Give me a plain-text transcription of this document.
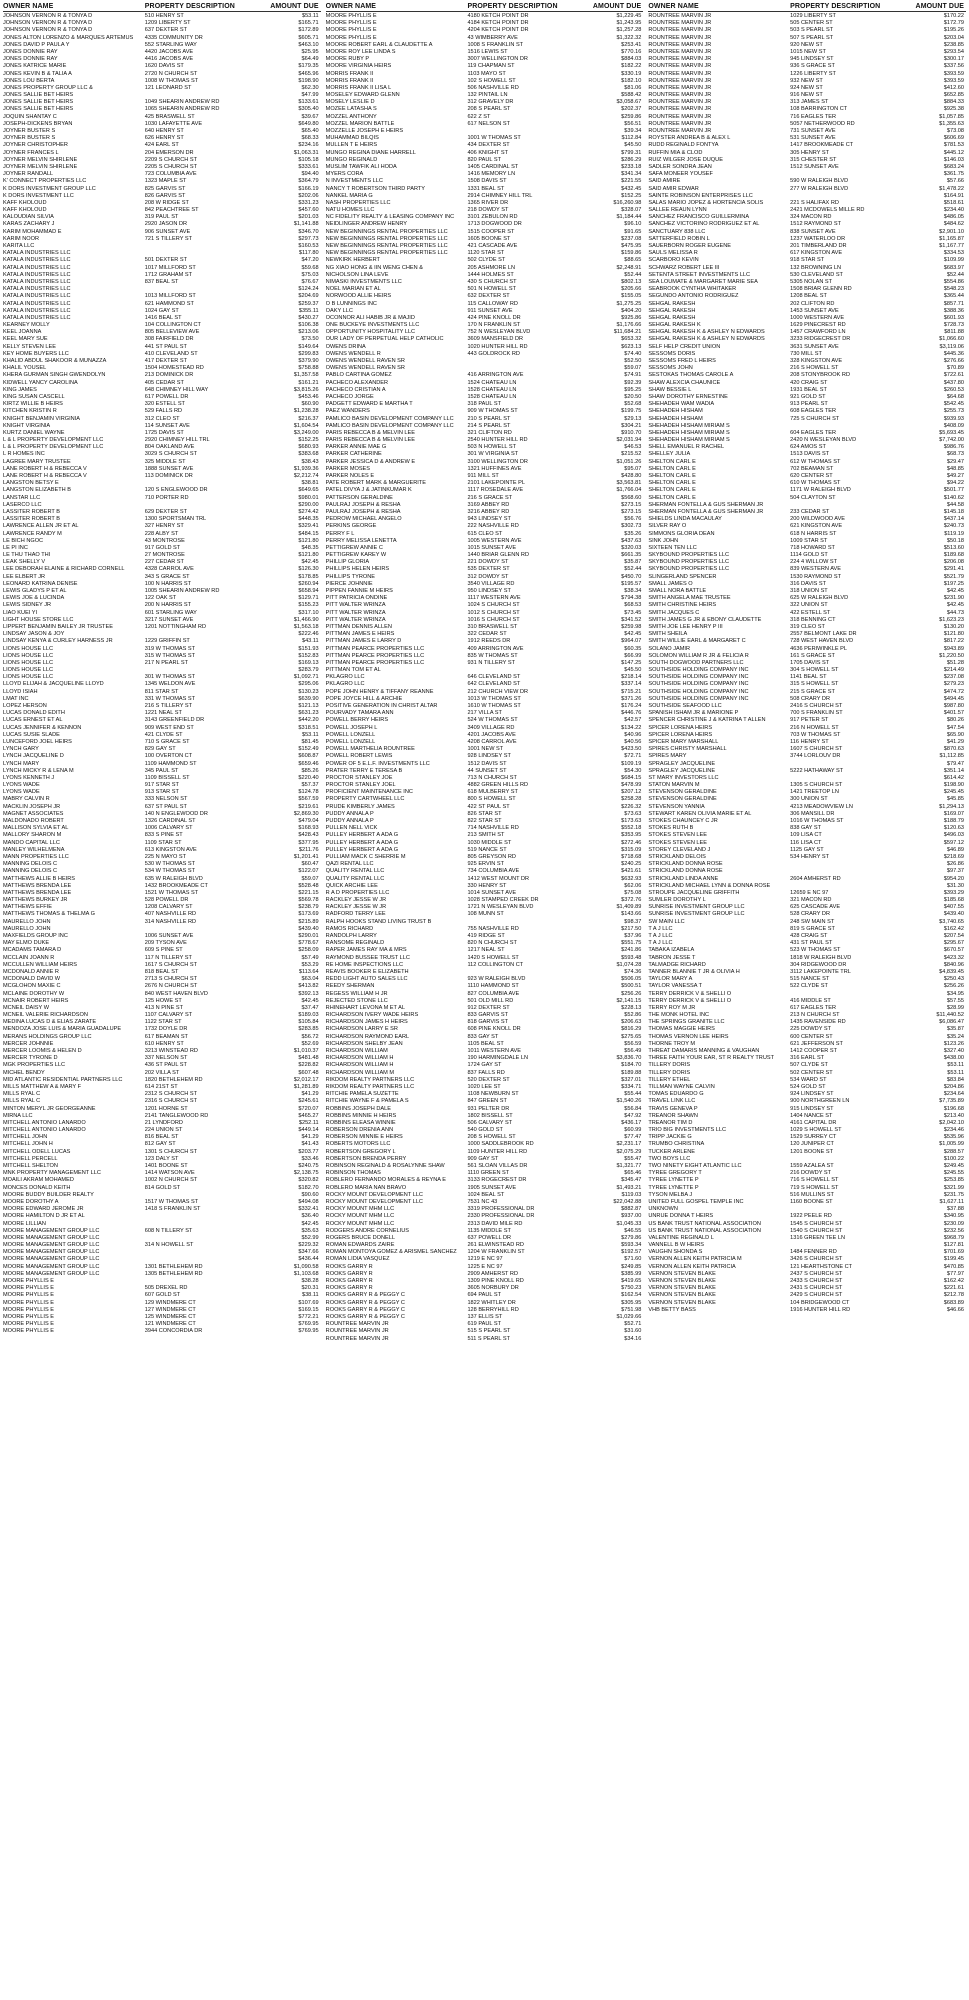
OWNER NAME	PROPERTY DESCRIPTION	AMOUNT DUE
JOHNSON VERNON R & TONYA D	510 HENRY ST	$53.11
JOHNSON VERNON R & TONYA D	1209 LIBERTY ST	$165.71
JOHNSON VERNON R & TONYA D	637 DEXTER ST	$172.89
JONES ALTON LORENZO & MARQUES ARTEMUS	4335 COMMUNITY DR	$605.71
JONES DAVID P PAULA Y	552 STARLING WAY	$463.10
JONES DONNIE RAY	4420 JACOBS AVE	$25.95
JONES DONNIE RAY	4416 JACOBS AVE	$64.49
JONES KATRICE MARIE	1620 DAVIS ST	$179.35
JONES KEVIN B & TALIA A	2720 N CHURCH ST	$465.96
JONES LOU BERTA	1008 W THOMAS ST	$198.90
JONES PROPERTY GROUP LLC &	121 LEONARD ST	$62.30
JONES SALLIE BET HEIRS	$47.99
JONES SALLIE BET HEIRS	1049 SHEARIN ANDREW RD	$133.61
JONES SALLIE BET HEIRS	1065 SHEARIN ANDREW RD	$305.40
JOQUIN SHANTAY C	425 BRASWELL ST	$39.67
JOSEPH-DICKENS BRYAN	1030 LAFAYETTE AVE	$649.80
JOYNER BUSTER S	640 HENRY ST	$65.40
JOYNER BUSTER S	626 HENRY ST	$68.33
JOYNER CHRISTOPHER	424 EARL ST	$234.16
JOYNER FRANCES L	204 EMERSON DR	$1,063.31
JOYNER MELVIN SHIRLENE	2209 S CHURCH ST	$105.18
JOYNER MELVIN SHIRLENE	2205 S CHURCH ST	$333.61
JOYNER RANDALL	723 COLUMBIA AVE	$94.40
K' CONNECT PROPERTIES LLC	1323 MAPLE ST	$364.79
K DORS INVESTMENT GROUP LLC	825 GARVIS ST	$166.19
K DORS INVESTMENT LLC	826 GARVIS ST	$202.06
KAFF KHOLOUD	208 W RIDGE ST	$331.23
KAFF KHOLOUD	842 PEACHTREE ST	$457.60
KALOUDIAN SILVIA	319 PAUL ST	$201.03
KARAS ZACHARY J	2920 JASON DR	$1,141.88
KARIM MOHAMMAD E	906 SUNSET AVE	$346.70
KARIM NOOR	721 S TILLERY ST	$297.73
KARITA LLC	$160.53
KATALA INDUSTRIES LLC	$117.80
KATALA INDUSTRIES LLC	501 DEXTER ST	$47.20
KATALA INDUSTRIES LLC	1017 MILLFORD ST	$59.68
KATALA INDUSTRIES LLC	1712 GRAHAM ST	$75.03
KATALA INDUSTRIES LLC	837 BEAL ST	$76.67
KATALA INDUSTRIES LLC	$124.24
KATALA INDUSTRIES LLC	1013 MILLFORD ST	$204.69
KATALA INDUSTRIES LLC	621 HAMMOND ST	$259.37
KATALA INDUSTRIES LLC	1024 GAY ST	$355.11
KATALA INDUSTRIES LLC	1416 BEAL ST	$430.27
KEARNEY MOLLY	104 COLLINGTON CT	$106.38
KEEL JOANNA	805 BELLEVIEW AVE	$213.06
KEEL MARY SUE	308 FAIRFIELD DR	$73.50
KELLY STEVEN LEE	441 ST PAUL ST	$149.64
KEY HOME BUYERS LLC	410 CLEVELAND ST	$299.83
KHALID ABDUL SHAKOOR & MUNAZZA	417 DEXTER ST	$379.90
KHALIL YOUSEL	1504 HOMESTEAD RD	$758.88
KHERA GURMAN SINGH GWENDOLYN	213 DOMINICK DR	$1,357.58
KIDWELL YANCY CAROLINA	405 CEDAR ST	$161.21
KING JAMES	648 CHIMNEY HILL WAY	$3,815.26
KING SUSAN CASCELL	617 POWELL DR	$453.46
KIRTZ WILLIE B HEIRS	320 ESTELL ST	$60.90
KITCHEN KRISTIN R	529 FALLS RD	$1,238.28
KNIGHT BENJAMIN VIRGINIA	312 CLEO ST	$216.37
KNIGHT VIRGINIA	114 SUNSET AVE	$1,604.54
KURTZ DANIEL WAYNE	1725 DAVIS ST	$3,249.00
L & L PROPERTY DEVELOPMENT LLC	2920 CHIMNEY HILL TRL	$152.25
L & L PROPERTY DEVELOPMENT LLC	804 OAKLAND AVE	$680.93
L R HOMES INC	3029 S CHURCH ST	$383.68
LAGREE MARY TRUSTEE	325 MIDDLE ST	$38.43
LANE ROBERT H & REBECCA V	1888 SUNSET AVE	$1,939.36
LANE ROBERT H & REBECCA V	113 DOMINICK DR	$2,212.74
LANGSTON BETSY E	$38.81
LANGSTON ELIZABETH B	120 S ENGLEWOOD DR	$649.65
LANSTAR LLC	710 PORTER RD	$980.01
LASERCO LLC	$290.00
LASSITER ROBERT B	629 DEXTER ST	$274.42
LASSITER ROBERT B	1300 SPORTSMAN TRL	$448.35
LAWRENCE ALLEN JR ET AL	327 HENRY ST	$329.41
LAWRENCE RANDY M	228 ALBY ST	$484.15
LE BICH NGOC	43 MONTROSE	$121.80
LE PI INC	917 GOLD ST	$48.35
LE THU THAO THI	27 MONTROSE	$121.80
LEAK SHELLY V	227 CEDAR ST	$42.45
LEE DEBORAH ELAINE & RICHARD CORNELL	4328 CARROL AVE	$126.30
LEE ELBERT JR	343 S GRACE ST	$178.85
LEONARD KATRINA DENISE	100 N HARRIS ST	$260.94
LEWIS GLADYS P ET AL	1005 SHEARIN ANDREW RD	$658.94
LEWIS JOE & LUCINDA	122 OAK ST	$129.71
LEWIS SIDNEY JR	200 N HARRIS ST	$155.23
LIAO KUEI YI	601 STARLING WAY	$317.10
LIGHT HOUSE STORE LLC	3217 SUNSET AVE	$1,466.90
LIPPERT BENJAMIN BAILEY JR TRUSTEE	1201 NOTTINGHAM RD	$1,563.18
LINDSAY JASON & JOY	$222.46
LINDSAY KENYA & CURLEY HARNESS JR	1229 GRIFFIN ST	$43.11
LIONS HOUSE LLC	319 W THOMAS ST	$151.93
LIONS HOUSE LLC	315 W THOMAS ST	$152.83
LIONS HOUSE LLC	217 N PEARL ST	$169.13
LIONS HOUSE LLC	$283.79
LIONS HOUSE LLC	301 W THOMAS ST	$1,092.71
LLOYD ELIJAH & JACQUELINE LLOYD	1345 WELDON AVE	$295.06
LLOYD ISIAH	811 STAR ST	$130.23
LMAT INC	331 W THOMAS ST	$639.90
LOPEZ HERSON	216 S TILLERY ST	$121.13
LUCAS DONALD EDITH	1221 NEAL ST	$631.23
LUCAS ERNEST ET AL	3143 GREENFIELD DR	$442.20
LUCAS JENNIFER & KENNON	909 WEST END ST	$318.51
LUCAS SUSIE SLADE	421 CLYDE ST	$53.11
LUNCEFORD JOEL HEIRS	710 S GRACE ST	$81.45
LYNCH GARY	829 GAY ST	$152.49
LYNCH JACQUELINE D	100 OVERTON CT	$608.87
LYNCH MARY	1109 HAMMOND ST	$659.46
LYNCH MICKY R & LENA M	345 PAUL ST	$85.26
LYONS KENNETH J	1109 BISSELL ST	$220.40
LYONS WADE	917 STAR ST	$57.37
LYONS WADE	913 STAR ST	$124.78
MABRY CALVIN R	333 NELSON ST	$567.59
MACKLIN JOSEPH JR	637 ST PAUL ST	$219.61
MAGNET ASSOCIATES	140 N ENGLEWOOD DR	$2,869.30
MALDONADO ROBERT	1326 CARDINAL ST	$479.04
MALLISON SYLVIA ET AL	1006 CALVARY ST	$168.93
MALLORY SHARON M	833 S PINE ST	$428.43
MANDO CAPITAL LLC	1109 STAR ST	$377.95
MANLEY WILHELMENA	613 KINGSTON AVE	$211.76
MANN PROPERTIES LLC	225 N MAYO ST	$1,201.41
MANNING DELOIS C	530 W THOMAS ST	$60.47
MANNING DELOIS C	534 W THOMAS ST	$122.07
MATTHEWS ALLIE B HEIRS	635 W RALEIGH BLVD	$59.07
MATTHEWS BRENDA LEE	1432 BROOKMEADE CT	$528.48
MATTHEWS BRENDA LEE	1521 W THOMAS ST	$221.15
MATTHEWS BURKEY JR	528 POWELL DR	$569.78
MATTHEWS EFFIE	1208 CALVARY ST	$238.79
MATTHEWS THOMAS & THELMA G	407 NASHVILLE RD	$173.69
MAURELLO JOHN	314 NASHVILLE RD	$215.89
MAURELLO JOHN	$439.40
MAXFIELDS GROUP INC	1006 SUNSET AVE	$290.01
MAY ELMO DUKE	209 TYSON AVE	$778.67
MCADAMS TAMARA D	609 S PINE ST	$258.09
MCCLAIN JOANN R	117 N TILLERY ST	$57.49
MCCULLEN WILLIAM HEIRS	1617 S CHURCH ST	$53.29
MCDONALD ANNIE R	818 BEAL ST	$113.64
MCDONALD DAVID W	2713 S CHURCH ST	$63.04
MCGLOHON MAXIE C	2676 N CHURCH ST	$413.82
MCLAINE DOROTHY W	840 WEST HAVEN BLVD	$392.13
MCNAIR ROBERT HEIRS	125 HOWE ST	$42.45
MCNEIL DAISY W	413 N PINE ST	$37.47
MCNEIL VALERIE RICHARDSON	1107 CALVARY ST	$189.03
MEDINA LUCAS D & ELIAS ZARATE	1122 STAR ST	$105.84
MENDOZA JOSE LUIS & MARIA GUADALUPE	1732 DOYLE DR	$283.85
MERANS HOLDINGS GROUP LLC	617 BEAMAN ST	$56.72
MERCER JOHNNIE	610 HENRY ST	$52.69
MERCER LOOMIS & HELEN D	3213 WINSTEAD RD	$1,010.37
MERCER TYRONE D	337 NELSON ST	$481.48
MGK PROPERTIES LLC	436 ST PAUL ST	$228.82
MICHEL BENDY	202 VILLA ST	$607.48
MID ATLANTIC RESIDENTIAL PARTNERS LLC	1820 BETHLEHEM RD	$2,012.17
MILLS MATTHEW A & MARY F	614 21ST ST	$1,281.89
MILLS RYAL C	2312 S CHURCH ST	$41.29
MILLS RYAL C	2316 S CHURCH ST	$245.61
MINTON MERYL JR GEORGEANNE	1201 HORNE ST	$720.07
MIRNA LLC	2141 TANGLEWOOD RD	$465.27
MITCHELL ANTONIO LANARDO	21 LYNDFORD	$252.11
MITCHELL ANTONIO LANARDO	224 UNION ST	$449.14
MITCHELL JOHN	816 BEAL ST	$41.29
MITCHELL JOHN H	812 GAY ST	$41.43
MITCHELL ODELL LUCAS	1301 S CHURCH ST	$203.77
MITCHELL PERCELL	123 DALY ST	$33.46
MITCHELL SHELTON	1401 BOONE ST	$240.75
MNK PROPERTY MANAGEMENT LLC	1414 WATSON AVE	$2,138.75
MOAILI AKRAM MOHAMED	1002 N CHURCH ST	$320.82
MONCES DONALD KEITH	814 GOLD ST	$182.70
MOORE BUDDY BUILDER REALTY	$90.60
MOORE DOROTHY A	1517 W THOMAS ST	$494.08
MOORE EDWARD JEROME JR	1418 S FRANKLIN ST	$332.41
MOORE HAMILTON D JR ET AL	$36.40
MOORE LILLIAN	$42.45
MOORE MANAGEMENT GROUP LLC	608 N TILLERY ST	$35.63
MOORE MANAGEMENT GROUP LLC	$52.99
MOORE MANAGEMENT GROUP LLC	314 N HOWELL ST	$229.32
MOORE MANAGEMENT GROUP LLC	$347.66
MOORE MANAGEMENT GROUP LLC	$436.44
MOORE MANAGEMENT GROUP LLC	1301 BETHLEHEM RD	$1,090.58
MOORE MANAGEMENT GROUP LLC	1305 BETHLEHEM RD	$1,103.68
MOORE PHYLLIS E	$38.28
MOORE PHYLLIS E	505 DREXEL RD	$20.31
MOORE PHYLLIS E	607 GOLD ST	$38.11
MOORE PHYLLIS E	129 WINDMERE CT	$107.69
MOORE PHYLLIS E	127 WINDMERE CT	$169.15
MOORE PHYLLIS E	125 WINDMERE CT	$772.21
MOORE PHYLLIS E	121 WINDMERE CT	$769.95
MOORE PHYLLIS E	3944 CONCORDIA DR	$769.95
OWNER NAME	PROPERTY DESCRIPTION	AMOUNT DUE
MOORE PHYLLIS E	4180 KETCH POINT DR	$1,229.45
MOORE PHYLLIS E	4184 KETCH POINT DR	$1,243.95
MOORE PHYLLIS E	4204 KETCH POINT DR	$1,257.28
MOORE PHYLLIS E	43 WIMBERRY AVE	$1,322.32
MOORE ROBERT EARL & CLAUDETTE A	1008 S FRANKLIN ST	$253.41
MOORE ROY LEE LINDA S	1516 LEWIS ST	$770.16
MOORE RUBY P	3007 WELLINGTON DR	$884.03
MOORE VIRGINIA HEIRS	119 CHAPMAN ST	$182.22
MORRIS FRANK II	1103 MAYO ST	$330.19
MORRIS FRANK II	102 S HOWELL ST	$182.10
MORRIS FRANK II LISA L	506 NASHVILLE RD	$81.06
MOSELEY EDWARD GLENN	132 PINTAIL LN	$588.42
MOSELY LESLIE D	312 GRAVELY DR	$3,058.67
MOZEE LATASHA S	208 S PEARL ST	$202.37
MOZZEL ANTHONY	622 Z ST	$259.86
MOZZEL MARION BATTLE	617 NELSON ST	$56.51
MOZZELLE JOSEPH E HEIRS	$39.34
MUHAMMAD BILQIS	1001 W THOMAS ST	$112.84
MULLEN T E HEIRS	434 DEXTER ST	$45.50
MUNGO REGINA DIANE HARRELL	406 KNIGHT ST	$799.31
MUNGO REGINALD	820 PAUL ST	$286.29
MUSLIM TAWFIK ALI HODA	1405 CARDINAL ST	$233.18
MYERS CORA	1416 MEMORY LN	$341.34
N INVESTMENTS LLC	1508 DAVIS ST	$221.55
NANCY T ROBERTSON THIRD PARTY	1331 BEAL ST	$432.45
NANKEL MARIA G	2914 CHIMNEY HILL TRL	$152.25
NASH PROPERTIES LLC	1365 RIVER DR	$16,260.98
NATU HOMES LLC	218 DOWDY ST	$328.07
NC FIDELITY REALTY & LEASING COMPANY INC	3101 ZEBULON RD	$1,184.44
NEIDLINGER ANDREW HENRY	1713 DOGWOOD DR	$96.10
NEW BEGINNINGS RENTAL PROPERTIES LLC	1515 COOPER ST	$91.65
NEW BEGINNINGS RENTAL PROPERTIES LLC	1605 BOONE ST	$237.08
NEW BEGINNINGS RENTAL PROPERTIES LLC	421 CASCADE AVE	$475.95
NEW BEGINNINGS RENTAL PROPERTIES LLC	1120 STAR ST	$159.86
NEWKIRK HERBERT	502 CLYDE ST	$88.65
NG XIAO HONG & IIN WENG CHEN &	205 ASHMORE LN	$2,248.91
NICHOLSON LINA LEVE	1444 HOLMES ST	$52.44
NIMASKI INVESTMENTS LLC	430 S CHURCH ST	$802.13
NOEL MARIAN ET AL	501 N HOWELL ST	$205.66
NORWOOD ALLIE HEIRS	632 DEXTER ST	$155.05
O B LUNNINGS INC	115 CALLOWAY RD	$1,275.25
OAKY LLC	911 SUNSET AVE	$404.20
OCONNOR ALI HABIB JR & MAJID	424 PINE KNOLL DR	$925.86
ONE BUCKEYE INVESTMENTS LLC	170 N FRANKLIN ST	$1,176.66
OPPORTUNITY HOSPITALITY LLC	752 N WESLEYAN BLVD	$11,684.21
OUR LADY OF PERPETUAL HELP CATHOLIC	3609 MANSFIELD DR	$653.32
OWENS DRINA	1020 HUNTER HILL RD	$623.13
OWENS WENDELL R	443 GOLDROCK RD	$74.40
OWENS WENDELL RAVEN SR	$52.50
OWENS WENDELL RAVEN SR	$59.07
PABLO CARTINA GOMEZ	416 ARRINGTON AVE	$74.91
PACHECO ALEXANDER	1524 CHATEAU LN	$92.39
PACHECO CRISTIAN A	1528 CHATEAU LN	$95.25
PACHECO JORGE	1528 CHATEAU LN	$20.50
PADGETT EDWARD E MARTHA T	318 PAUL ST	$52.68
PAEZ WANDERS	909 W THOMAS ST	$199.75
PAMLICO BASIN DEVELOPMENT COMPANY LLC	210 S PEARL ST	$29.13
PAMLICO BASIN DEVELOPMENT COMPANY LLC	214 S PEARL ST	$304.21
PARIS REBECCA B & MELVIN LEE	321 CLIFTON RD	$910.70
PARIS REBECCA B & MELVIN LEE	2540 HUNTER HILL RD	$2,031.94
PARKER ANNIE MAE G	503 N HOWELL ST	$46.53
PARKER CATHERINE	301 W VIRGINIA ST	$215.52
PARKER JESSICA D & ANDREW E	3100 WELLINGTON DR	$1,051.26
PARKER MOSES	1321 HUFFINES AVE	$95.07
PARKER NOLES E	911 MILL ST	$428.80
PATE ROBERT MARK & MARGUERITE	2101 LAKEPOINTE PL	$3,563.81
PATEL DIVYA J & JATINKUMAR K	1117 ROSEDALE AVE	$1,766.04
PATTERSON GERALDINE	216 S GRACE ST	$568.60
PAULRAJ JOSEPH & RESHA	3169 ABBEY RD	$273.15
PAULRAJ JOSEPH & RESHA	3216 ABBEY RD	$273.15
PEDROW MICHAEL ANGELO	943 LINDSEY ST	$56.76
PERKINS GEORGE	222 NASHVILLE RD	$302.73
PERRY F L	615 CLEO ST	$35.26
PERRY MELISSA LENETTA	1005 WESTERN AVE	$437.63
PETTIGREW ANNIE C	1015 SUNSET AVE	$320.03
PETTIGREW KAREY W	1440 BRIAR GLENN RD	$661.35
PHILLIP GLORIA	221 DOWDY ST	$35.87
PHILLIPS HELEN HEIRS	535 DEXTER ST	$52.44
PHILLIPS TYRONE	312 DOWDY ST	$450.70
PIERCE JOHNNIE	3540 VILLAGE RD	$195.57
PIPPEN FANNIE M HEIRS	950 LINDSEY ST	$38.34
PITT PATRICIA ONDINE	1117 WESTERN AVE	$794.38
PITT WALTER WRINZA	1024 S CHURCH ST	$68.53
PITT WALTER WRINZA	1012 S CHURCH ST	$73.45
PITT WALTER WRINZA	1016 S CHURCH ST	$341.52
PITTMAN DENNIS ALLEN	310 BRASWELL ST	$259.98
PITTMAN JAMES E HEIRS	322 CEDAR ST	$42.45
PITTMAN JAMES E LARRY D	1912 REEDS DR	$964.07
PITTMAN PEARCE PROPERTIES LLC	409 ARRINGTON AVE	$60.35
PITTMAN PEARCE PROPERTIES LLC	835 W THOMAS ST	$66.99
PITTMAN PEARCE PROPERTIES LLC	931 N TILLERY ST	$147.25
PITTMAN TOM ET AL	$45.50
PKLAGRO LLC	646 CLEVELAND ST	$218.14
PKLAGRO LLC	642 CLEVELAND ST	$337.14
POPE JOHN HENRY & TIFFANY REANNE	212 CHURCH VIEW DR	$715.21
POPE JOYCE HILL & ARCHIE	1013 W THOMAS ST	$371.26
POSITIVE GENERATION IN CHRIST ALTAR	1610 W THOMAS ST	$176.24
POURVADY TAMARA ANN	217 VILLA ST	$446.76
POWELL BERRY HEIRS	524 W THOMAS ST	$42.57
POWELL JOSEPH L	3409 VILLAGE RD	$134.22
POWELL LONZELL	4201 JACOBS AVE	$40.96
POWELL LONZELL	4208 CARROL AVE	$40.56
POWELL MARTHELIA ROUNTREE	1001 NEW ST	$423.50
POWELL ROBERT LEWIS	928 LINDSEY ST	$72.71
POWER OF 5 E.L.F. INVESTMENTS LLC	1512 DAVIS ST	$109.19
PRATER TERRY E TERESA B	44 SUNSET ST	$54.30
PROCTOR STANLEY JOE	713 N CHURCH ST	$684.15
PROCTOR STANLEY JOEL	4882 GREEN HILLS RD	$478.99
PROFICIENT MAINTENANCE INC	618 MULBERRY ST	$207.12
PROPERTY CARTWHEEL LLC	800 S HOWELL ST	$258.28
PRUDE KIMBERLY JAMES	422 ST PAUL ST	$226.32
PUDDY ANNALA P	826 STAR ST	$73.63
PUDDY ANNALA P	822 STAR ST	$173.63
PULLEN NELL VICK	714 NASHVILLE RD	$552.18
PULLEY HERBERT A ADA G	213 SMITH ST	$353.95
PULLEY HERBERT A ADA G	1030 MIDDLE ST	$272.46
PULLEY HERBERT A ADA G	519 NANCE ST	$315.09
PULLIAM MACK C SHERRIE M	805 GREYSON RD	$718.68
QAZI RENTAL LLC	925 ERVIN ST	$240.25
QUALITY RENTAL LLC	734 COLUMBIA AVE	$421.61
QUALITY RENTAL LLC	1412 WEST MOUNT DR	$632.93
QUICK ARCHIE LEE	330 HENRY ST	$62.06
R A D PROPERTIES LLC	1014 SUNSET AVE	$75.08
RACKLEY JESSE W JR	1028 STAMPED CREEK DR	$372.76
RACKLEY JESSE W JR	1721 N WESLEYAN BLVD	$1,409.89
RADFORD TERRY LEE	108 MUNN ST	$143.66
RALPH HOOKS STAND LIVING TRUST B	$98.37
RAMOS RICHARD	755 NASHVILLE RD	$217.50
RANDOLPH LARRY	419 RIDGE ST	$37.96
RANSOME REGINALD	820 N CHURCH ST	$551.75
RAPER JAMES RAY MA & MRS	1217 NEAL ST	$241.86
RAYMOND BUSSEE TRUST LLC	1420 S HOWELL ST	$593.48
RE HOME INSPECTIONS LLC	112 COLLINGTON CT	$1,074.28
REAVIS BOOKER E ELIZABETH	$74.36
REDD LIGHT AUTO SALES LLC	923 W RALEIGH BLVD	$506.05
REEDY SHERMAN	1110 HAMMOND ST	$500.51
REGESS WILLIAM H JR	827 COLUMBIA AVE	$256.26
REJECTED STONE LLC	501 OLD MILL RD	$2,141.15
RHINEHART LEVONA M ET AL	912 DEXTER ST	$228.13
RICHARDSON IVERY WADE HEIRS	833 GARVIS ST	$52.86
RICHARDSON JAMES H HEIRS	818 GARVIS ST	$206.63
RICHARDSON LARRY E SR	608 PINE KNOLL DR	$816.29
RICHARDSON RAYMOND EARL	833 GAY ST	$275.65
RICHARDSON SHELBY JEAN	1105 BEAL ST	$56.59
RICHARDSON WILLIAM	1011 WESTERN AVE	$56.49
RICHARDSON WILLIAM H	190 HARMINGDALE LN	$3,836.70
RICHARDSON WILLIAM H	1724 GAY ST	$184.70
RICHARDSON WILLIAM M	837 FALLS RD	$189.88
RIKDOM REALTY PARTNERS LLC	520 DEXTER ST	$327.01
RIKDOM REALTY PARTNERS LLC	1020 LEE ST	$334.71
RITCHIE PAMELA SUZETTE	1108 NEWBURN ST	$55.44
RITCHIE WAYNE F & PAMELA S	847 GREEN ST	$1,540.26
ROBBINS JOSEPH DALE	931 PELTER DR	$56.84
ROBBINS MINNIE H HEIRS	1802 BISSELL ST	$47.92
ROBBINS ELEASA WINNIE	506 CALVARY ST	$436.17
ROBERSON DRENIA ANN	540 GOLD ST	$60.99
ROBERSON MINNIE E HEIRS	208 S HOWELL ST	$77.47
ROBERTS MOTORS LLC	1000 SADDLEBROOK RD	$2,231.17
ROBERTSON GREGORY L	1109 HUNTER HILL RD	$2,075.29
ROBERTSON BRENDA PERRY	909 GAY ST	$55.47
ROBINSON REGINALD & ROSALYNNE SHAW	561 SLOAN VILLAS DR	$1,321.77
ROBINSON THOMAS	1110 GREEN ST	$65.46
ROBLERO FERNANDO MORALES & REYNA E	3133 ROGECREST DR	$345.47
ROBLERO MARIA NAN BRAVO	1905 SUNSET AVE	$1,493.21
ROCKY MOUNT DEVELOPMENT LLC	1024 BEAL ST	$119.03
ROCKY MOUNT DEVELOPMENT LLC	7531 NC 43	$22,042.88
ROCKY MOUNT MHM LLC	3319 PROFESSIONAL DR	$882.87
ROCKY MOUNT MHM LLC	2330 PROFESSIONAL DR	$937.00
ROCKY MOUNT MHM LLC	2313 DAVID MILE RD	$1,045.33
RODGERS ANDRE CORNELIUS	1135 MIDDLE ST	$46.55
ROGERS BRUCE DONELL	637 POWELL DR	$279.86
ROMAN EDWARDS ZAIRE	261 ELWINSTEAD RD	$593.34
ROMAN MONTOYA GOMEZ & ARISMEL SANCHEZ	1204 W FRANKLIN ST	$192.57
ROMAN LIDIA VASQUEZ	1219 E NC 97	$71.60
ROOKS GARRY R	1225 E NC 97	$249.85
ROOKS GARRY R	2909 AMHERST RD	$385.99
ROOKS GARRY R	1309 PINE KNOLL RD	$419.65
ROOKS GARRY R	3605 NORBURY DR	$750.23
ROOKS GARRY R & PEGGY C	694 PAUL ST	$162.54
ROOKS GARRY R & PEGGY C	1822 WHITLEY DR	$305.95
ROOKS GARRY R & PEGGY C	128 BERRYHILL RD	$751.98
ROOKS GARRY R & PEGGY C	137 ELLIS ST	$1,029.66
ROUNTREE MARVIN JR	619 PAUL ST	$52.71
ROUNTREE MARVIN JR	515 S PEARL ST	$31.60
ROUNTREE MARVIN JR	511 S PEARL ST	$34.16
OWNER NAME	PROPERTY DESCRIPTION	AMOUNT DUE
ROUNTREE MARVIN JR	1029 LIBERTY ST	$170.22
ROUNTREE MARVIN JR	505 CENTER ST	$172.79
ROUNTREE MARVIN JR	503 S PEARL ST	$195.26
ROUNTREE MARVIN JR	507 S PEARL ST	$203.04
ROUNTREE MARVIN JR	920 NEW ST	$238.85
ROUNTREE MARVIN JR	1015 NEW ST	$293.54
ROUNTREE MARVIN JR	945 LINDSEY ST	$300.17
ROUNTREE MARVIN JR	936 S GRACE ST	$337.56
ROUNTREE MARVIN JR	1226 LIBERTY ST	$393.59
ROUNTREE MARVIN JR	932 NEW ST	$393.59
ROUNTREE MARVIN JR	924 NEW ST	$412.60
ROUNTREE MARVIN JR	916 NEW ST	$652.85
ROUNTREE MARVIN JR	313 JAMES ST	$884.33
ROUNTREE MARVIN JR	108 BARRINGTON CT	$925.38
ROUNTREE MARVIN JR	716 EAGLES TER	$1,057.85
ROUNTREE MARVIN JR	5057 NETHERWOOD RD	$1,355.63
ROUNTREE MARVIN JR	731 SUNSET AVE	$73.08
ROYSTER ANDREA B & ALEX L	531 SUNSET AVE	$606.69
RUDD REGINALD FONTYA	1417 BROOKMEADE CT	$781.53
RUFFIN MIA & CLOD	305 HENRY ST	$445.12
RUIZ WILGER JOSE DUQUE	315 CHESTER ST	$146.03
SADLER SONDRA JEAN	1512 SUNSET AVE	$683.24
SAFA MONEER YOUSEF	$361.75
SAID AMIRE	590 W RALEIGH BLVD	$57.66
SAID AMIR EDWAR	277 W RALEIGH BLVD	$1,478.22
SAINTE ROBINSON ENTERPRISES LLC	$164.91
SALAS MARIO JOPEZ & HORTENCIA SOLIS	221 S HALIFAX RD	$518.61
SALLEE REAUN LYNN	2421 MCDOWELS MILLE RD	$234.40
SANCHEZ FRANCISCO GUILLERMINA	324 MACON RD	$486.05
SANCHEZ VICTORINO RODRIGUEZ ET AL	1512 RAYMOND ST	$484.62
SANCTUARY 838 LLC	838 SUNSET AVE	$2,901.10
SATTERFIELD ROBIN L	1237 WATERLOO DR	$1,165.87
SAUERBORN ROGER EUGENE	201 TIMBERLAND DR	$1,167.77
SAULS MELISSA R	617 KINGSTON AVE	$334.53
SCARBORO KEVIN	918 STAR ST	$109.99
SCHWARZ ROBERT LEE III	132 BROWNING LN	$683.97
SETENTA STREET INVESTMENTS LLC	530 CLEVELAND ST	$52.44
SEA LOUMATE & MARGARET MARIE SEA	5305 NOLAN ST	$554.86
SEABROOK CYNTHIA WHITAKER	1508 BRIAR GLENN RD	$548.23
SEGUNDO ANTONIO RODRIGUEZ	1208 BEAL ST	$365.44
SEHGAL RAKESH	202 CLIFTON RD	$857.71
SEHGAL RAKESH	1453 SUNSET AVE	$388.36
SEHGAL RAKESH	1000 WESTERN AVE	$601.93
SEHGAL RAKESH K	1629 PINECREST RD	$728.73
SEHGAL RAKESH K & ASHLEY N EDWARDS	1457 CRAWFORD LN	$811.88
SEHGAL RAKESH K & ASHLEY N EDWARDS	3233 RIDGECREST DR	$1,066.60
SELF HELP CREDIT UNION	3631 SUNSET AVE	$3,119.06
SESSOMS DORIS	730 MILL ST	$445.36
SESSOMS FRED L HEIRS	328 KINGSTON AVE	$276.66
SESSOMS JOHN	216 S HOWELL ST	$70.89
SESTOKAS THOMAS CAROLE A	208 STONYBROOK RD	$722.61
SHAW ALEXCIA CHAUNICE	420 CRAIG ST	$437.80
SHAW BESSIE L	1931 BEAL ST	$260.53
SHAW DOROTHY ERNESTINE	921 GOLD ST	$64.68
SHEHADEH WAM WADIA	913 PEARL ST	$542.45
SHEHADEH HISHAM	608 EAGLES TER	$255.73
SHEHADEH HISHAM	725 S CHURCH ST	$939.93
SHEHADEH HISHAM MIRIAM S	$408.09
SHEHADEH HISHAM MIRIAM S	604 EAGLES TER	$5,693.45
SHEHADEH HISHAM MIRIAM S	2420 N WESLEYAN BLVD	$7,742.00
SHELL EMANUEL R RACHEL	624 AMOS ST	$986.76
SHELLEY JULIA	1513 DAVIS ST	$68.73
SHELTON CARL E	612 W THOMAS ST	$29.47
SHELTON CARL E	702 BEAMAN ST	$48.85
SHELTON CARL E	620 CENTER ST	$49.27
SHELTON CARL E	610 W THOMAS ST	$94.22
SHELTON CARL E	1171 W RALEIGH BLVD	$501.77
SHELTON CARL E	504 CLAYTON ST	$140.62
SHERMAN FONTELLA & GUS SHERMAN JR	$44.58
SHERMAN FONTELLA & GUS SHERMAN JR	233 CEDAR ST	$145.18
SHIELDS LINDA MACAULAY	200 WILDWOOD AVE	$437.14
SILVER RAY O	621 KINGSTON AVE	$240.73
SIMMONS GLORIA DEAN	618 N HARRIS ST	$119.19
SINK JOHN	1009 STAR ST	$50.18
SIXTEEN TEN LLC	718 HOWARD ST	$513.60
SKYBOUND PROPERTIES LLC	1114 GOLD ST	$189.68
SKYBOUND PROPERTIES LLC	224 4 WILLOW ST	$206.08
SKYBOUND PROPERTIES LLC	839 WESTERN AVE	$291.41
SLINGERLAND SPENCER	1530 RAYMOND ST	$521.79
SMALL JAMES O	316 DAVIS ST	$197.25
SMALL NORA BATTLE	318 UNION ST	$42.45
SMITH ANGELA MAE TRUSTEE	625 W RALEIGH BLVD	$231.90
SMITH CHRISTINE HEIRS	322 UNION ST	$42.45
SMITH JACQUES C	422 ESTELL ST	$44.73
SMITH JAMES G JR & EBONY CLAUDETTE	318 BENNING CT	$1,623.23
SMITH JOE LEE HENRY P III	319 CLEO ST	$130.20
SMITH SHEILA	2557 BELMONT LAKE DR	$121.80
SMITH WILLIE EARL & MARGARET C	728 WEST HAVEN BLVD	$817.22
SOLANO JAMIR	4636 PERIWINKLE PL	$943.89
SOLOMON WILLIAM R JR & FELICIA R	161 S GRACE ST	$1,220.50
SOUTH DOGWOOD PARTNERS LLC	1705 DAVIS ST	$51.28
SOUTHSIDE HOLDING COMPANY INC	304 S HOWELL ST	$214.49
SOUTHSIDE HOLDING COMPANY INC	1141 BEAL ST	$237.08
SOUTHSIDE HOLDING COMPANY INC	315 S HOWELL ST	$279.23
SOUTHSIDE HOLDING COMPANY INC	215 S GRACE ST	$474.72
SOUTHSIDE HOLDING COMPANY INC	508 CRARY DR	$494.45
SOUTHSIDE SEAFOOD LLC	2416 S CHURCH ST	$987.80
SPANISH ISHAM JR & MARIONE P	700 S FRANKLIN ST	$401.57
SPENCER CHRISTINE J & KATRINA T ALLEN	917 PETER ST	$80.26
SPICER LORENA HEIRS	216 N HOWELL ST	$47.54
SPICER LORENA HEIRS	703 W THOMAS ST	$65.90
SPICER MARY MARSHALL	116 HENRY ST	$41.29
SPIRES CHRISTY MARSHALL	1607 S CHURCH ST	$870.63
SPIRES MARY	3744 LORLOUV DR	$1,112.85
SPRAGLEY JACQUELINE	$79.47
SPRAGLEY JACQUELINE	5222 HATHAWAY ST	$351.14
ST MARY INVESTORS LLC	$614.42
STATON MARVIN M	1305 S CHURCH ST	$198.90
STEVENSON GERALDINE	1421 TREETOP LN	$245.45
STEVENSON GERALDINE	300 UNION ST	$45.85
STEVENSON YANNIA	4213 MEADOWVIEW LN	$1,294.13
STEWART KAREN OLIVIA MARIE ET AL	306 MANSILL DR	$169.07
STOKES CHAUNCEY C JR	1016 W THOMAS ST	$188.79
STOKES RUTH B	838 GAY ST	$120.63
STOKES STEVEN LEE	109 LISA CT	$496.03
STOKES STEVEN LEE	116 LISA CT	$597.12
STOREY CLEVELAND J	1125 GAY ST	$46.89
STRICKLAND DELOIS	534 HENRY ST	$218.69
STRICKLAND DONNA ROSE	$26.86
STRICKLAND DONNA ROSE	$97.37
STRICKLAND LINDA ANNE	2604 AMHERST RD	$954.20
STRICKLAND MICHAEL LYNN & DONNA ROSE	$31.30
STROUPE JACQUELINE GRIFFITH	12659 E NC 97	$393.29
SUMLER DOROTHY L	321 MACON RD	$185.68
SUNRISE INVESTMENT GROUP LLC	625 CASCADE AVE	$407.55
SUNRISE INVESTMENT GROUP LLC	528 CRARY DR	$439.40
SW MAIN LLC	248 SW MAIN ST	$3,740.65
T A J LLC	819 S GRACE ST	$162.42
T A J LLC	428 CRAIG ST	$207.54
T A J LLC	431 ST PAUL ST	$295.67
TABAKA IZABELA	523 W THOMAS ST	$670.57
TABRON JESSE T	1818 W RALEIGH BLVD	$423.32
TALMADGE RICHARD	304 RIDGEWOOD DR	$840.96
TANNER BLANNIE T JR & OLIVIA H	3112 LAKEPOINTE TRL	$4,839.45
TAYLOR MARY A	515 NANCE ST	$250.43
TAYLOR VANESSA T	522 CLYDE ST	$256.26
TERRY DERRICK V & SHELLI O	$34.95
TERRY DERRICK V & SHELLI O	416 MIDDLE ST	$57.55
TERRY ROY M JR	617 EAGLES TER	$28.99
THE MONK HOTEL INC	213 N CHURCH ST	$11,440.52
THE SPRINGS GRANITE LLC	1435 RAVENSIDE RD	$6,086.47
THOMAS MAGGIE HEIRS	225 DOWDY ST	$35.87
THOMAS VERNON LEE HEIRS	600 CENTER ST	$35.24
THORNE TROY M	621 JEFFERSON ST	$123.26
THREAT DAMARIS MANNING & VAUGHAN	1412 COOPER ST	$327.40
THREE FAITH YOUR EAR, ST R REALTY TRUST	316 EARL ST	$438.00
TILLERY DORIS	507 CLYDE ST	$53.11
TILLERY DORIS	502 CENTER ST	$53.11
TILLERY ETHEL	534 WARD ST	$83.84
TILLMAN WAYNE CALVIN	524 GOLD ST	$204.86
TOMAS EDUARDO G	924 LINDSEY ST	$234.64
TRAVEL LINK LLC	900 NORTHGREEN LN	$7,735.89
TRAVIS GENEVA P	915 LINDSEY ST	$196.68
TREANOR SHAWN	1404 NANCE ST	$213.40
TREANOR TIM D	4161 CAPITAL DR	$2,042.10
TRIO BIG INVESTMENTS LLC	1029 S HOWELL ST	$234.46
TRIPP JACKIE G	1529 SURREY CT	$535.96
TRUMBO CHRISTINA	120 JUNIPER CT	$1,005.99
TUCKER ARLENE	1201 BOONE ST	$288.57
TWO BOYS LLC	$100.22
TWO NINETY EIGHT ATLANTIC LLC	1559 AZALEA ST	$249.45
TYREE GREGORY T	216 DOWDY ST	$245.55
TYREE LYNETTE P	716 S HOWELL ST	$253.85
TYREE LYNETTE P	719 S HOWELL ST	$321.99
TYSON MELBA J	516 MULLINS ST	$231.75
UNITED FULL GOSPEL TEMPLE INC	1160 BOONE ST	$1,627.11
UNKNOWN	$37.88
UNRUE DONNA T HEIRS	1922 PEELE RD	$340.95
US BANK TRUST NATIONAL ASSOCIATION	1545 S CHURCH ST	$230.09
US BANK TRUST NATIONAL ASSOCIATION	1540 S CHURCH ST	$232.56
VALENTINE REGINALD L	1316 GREEN TEE LN	$968.79
VANNELL B W HEIRS	$127.81
VAUGHN SHONDA S	1484 FENNER RD	$701.69
VERNON ALLEN KEITH PATRICIA M	3426 S CHURCH ST	$199.45
VERNON ALLEN KEITH PATRICIA	121 HEARTHSTONE CT	$470.85
VERNON STEVEN BLAKE	2437 S CHURCH ST	$77.97
VERNON STEVEN BLAKE	2433 S CHURCH ST	$162.42
VERNON STEVEN BLAKE	2431 S CHURCH ST	$221.61
VERNON STEVEN BLAKE	2429 S CHURCH ST	$212.78
VERNON STEVEN BLAKE	104 BRIDGEWOOD CT	$683.89
VHB BETTY BASS	1916 HUNTER HILL RD	$46.66
